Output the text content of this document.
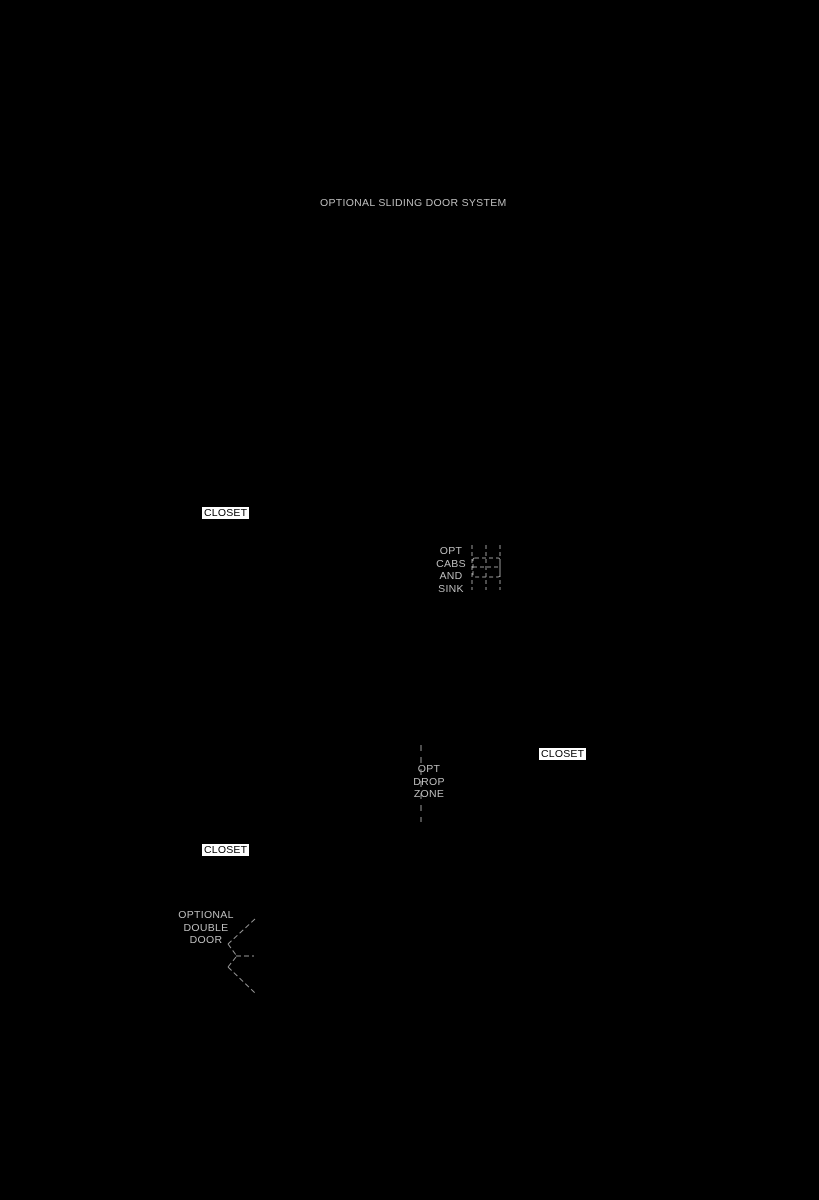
OPTIONAL SLIDING DOOR SYSTEM
CLOSET
CLOSET
CLOSET
OPT
CABS
AND
SINK
OPT
DROP
ZONE
OPTIONAL
DOUBLE
DOOR
